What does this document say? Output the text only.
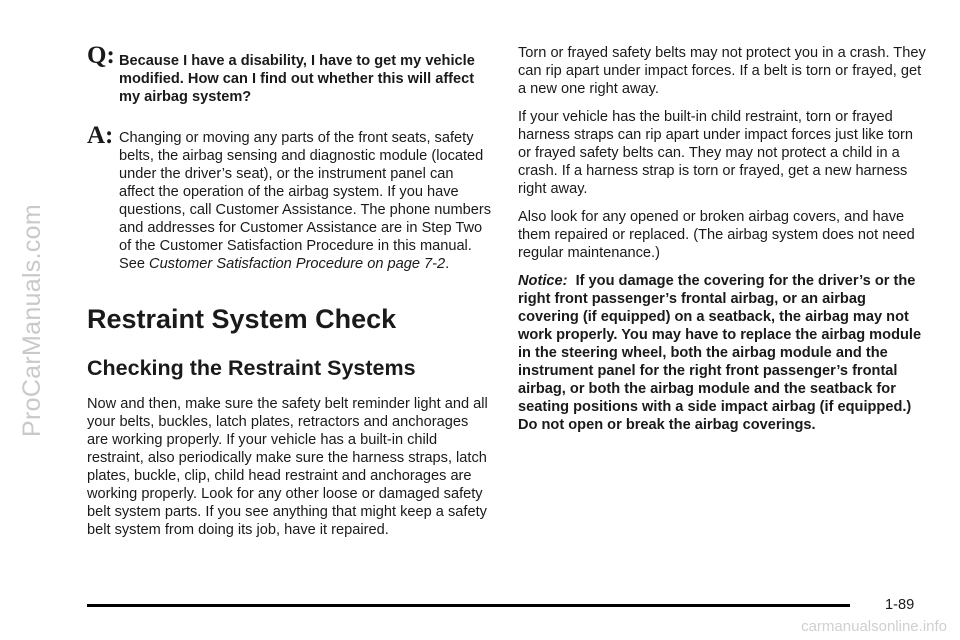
ProCarManuals.com
Q: Because I have a disability, I have to get my vehicle modified. How can I find out whether this will affect my airbag system?

A: Changing or moving any parts of the front seats, safety belts, the airbag sensing and diagnostic module (located under the driver’s seat), or the instrument panel can affect the operation of the airbag system. If you have questions, call Customer Assistance. The phone numbers and addresses for Customer Assistance are in Step Two of the Customer Satisfaction Procedure in this manual. See Customer Satisfaction Procedure on page 7-2.

Restraint System Check
Checking the Restraint Systems

Now and then, make sure the safety belt reminder light and all your belts, buckles, latch plates, retractors and anchorages are working properly. If your vehicle has a built-in child restraint, also periodically make sure the harness straps, latch plates, buckle, clip, child head restraint and anchorages are working properly. Look for any other loose or damaged safety belt system parts. If you see anything that might keep a safety belt system from doing its job, have it repaired.

Torn or frayed safety belts may not protect you in a crash. They can rip apart under impact forces. If a belt is torn or frayed, get a new one right away.

If your vehicle has the built-in child restraint, torn or frayed harness straps can rip apart under impact forces just like torn or frayed safety belts can. They may not protect a child in a crash. If a harness strap is torn or frayed, get a new harness right away.

Also look for any opened or broken airbag covers, and have them repaired or replaced. (The airbag system does not need regular maintenance.)

Notice: If you damage the covering for the driver’s or the right front passenger’s frontal airbag, or an airbag covering (if equipped) on a seatback, the airbag may not work properly. You may have to replace the airbag module in the steering wheel, both the airbag module and the instrument panel for the right front passenger’s frontal airbag, or both the airbag module and the seatback for seating positions with a side impact airbag (if equipped.) Do not open or break the airbag coverings.

1-89
carmanualsonline.info
